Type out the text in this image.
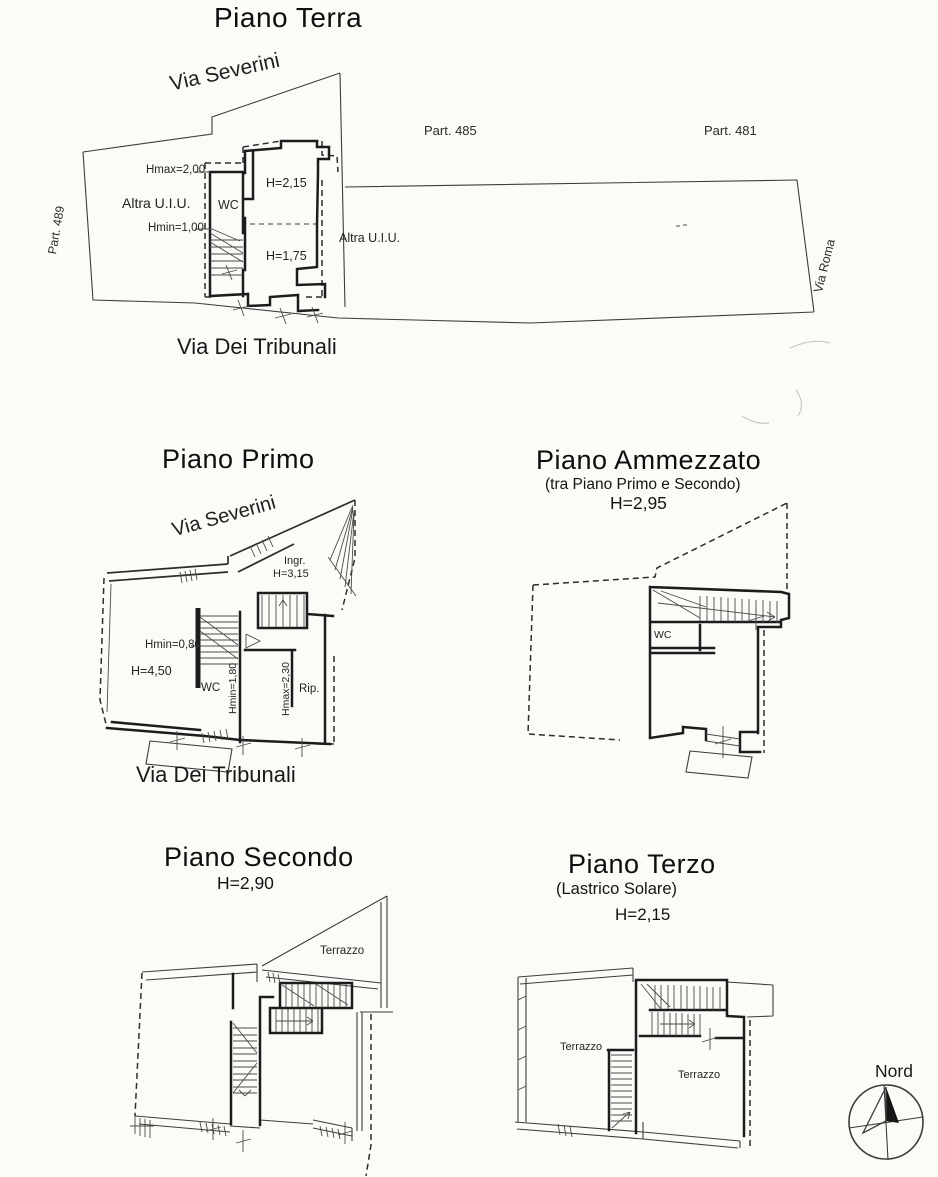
Piano Terra
Via Severini
Part. 485	Part. 481
Part. 489
Altra U.I.U.
Altra U.I.U.
Hmax=2,00
WC
Hmin=1,00
H=2,15
H=1,75	Via Roma
Via Dei Tribunali
Piano Primo
Via Severini
Ingr.
H=3,15
Hmin=0,80
H=4,50
WC Hmin=1,80	Hmax=2,30 Rip.
Via Dei Tribunali
Piano Ammezzato
(tra Piano Primo e Secondo)
H=2,95
WC
Piano Secondo
H=2,90
Terrazzo
Piano Terzo
(Lastrico Solare)
H=2,15
Terrazzo
Terrazzo	Nord
